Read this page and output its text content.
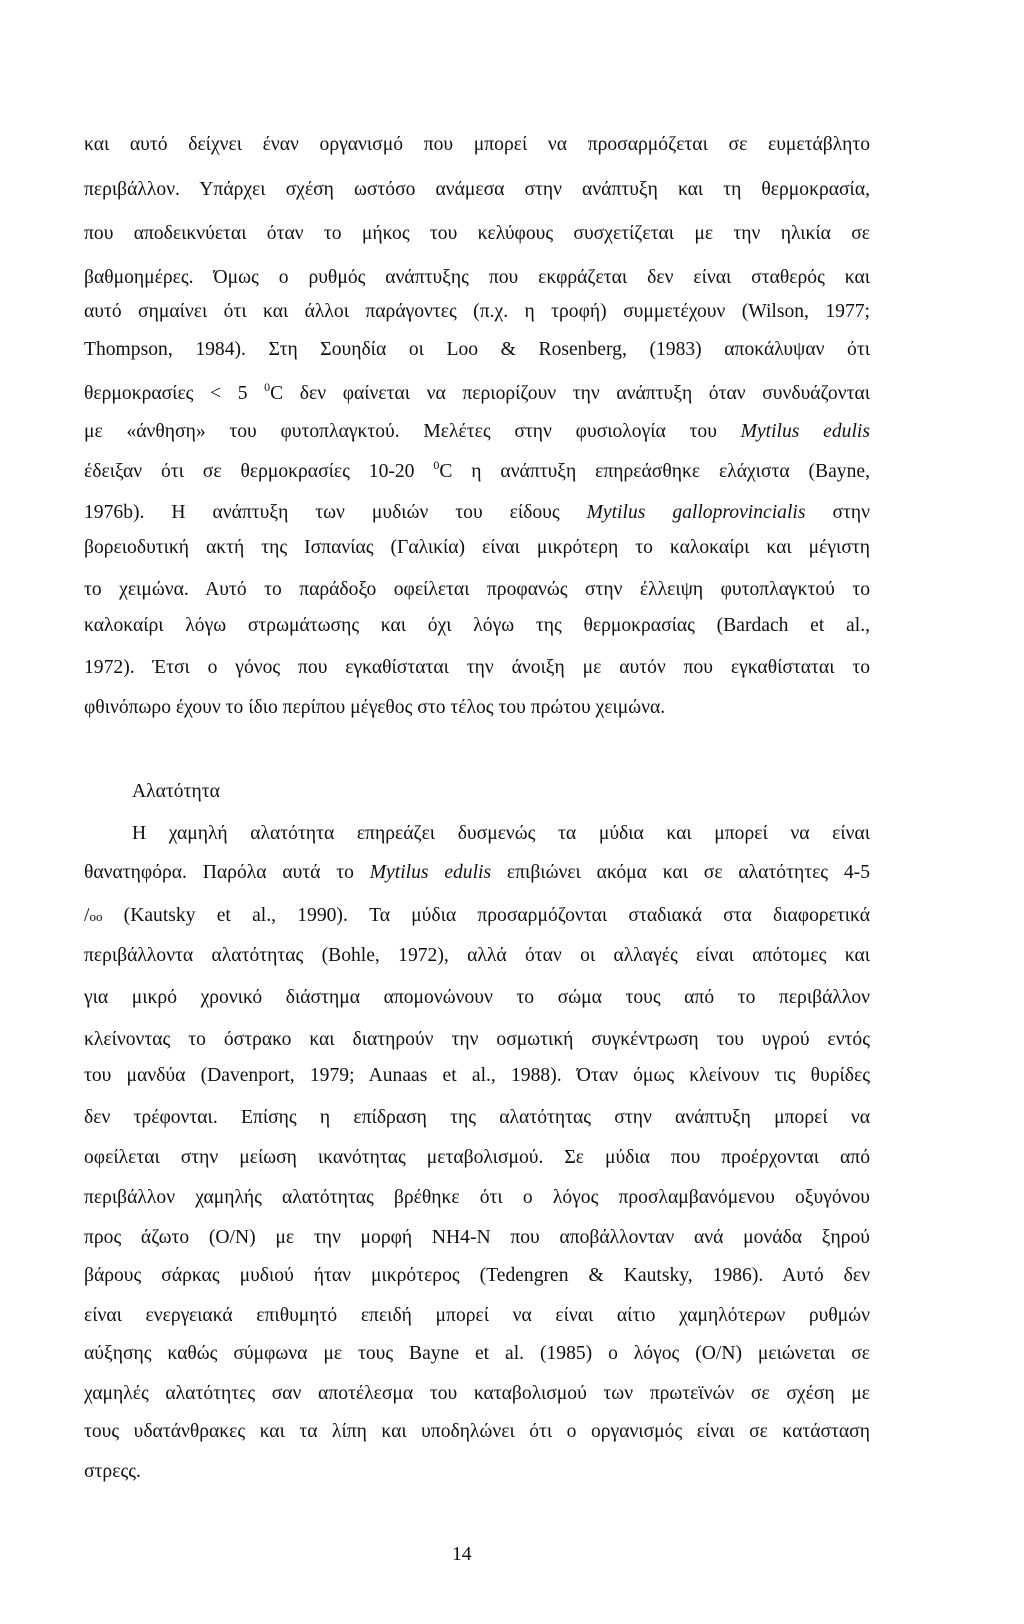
και αυτό δείχνει έναν οργανισμό που μπορεί να προσαρμόζεται σε ευμετάβλητο
περιβάλλον. Υπάρχει σχέση ωστόσο ανάμεσα στην ανάπτυξη και τη θερμοκρασία,
που αποδεικνύεται όταν το μήκος του κελύφους συσχετίζεται με την ηλικία σε
βαθμοημέρες. Όμως ο ρυθμός ανάπτυξης που εκφράζεται δεν είναι σταθερός και
αυτό σημαίνει ότι και άλλοι παράγοντες (π.χ. η τροφή) συμμετέχουν (Wilson, 1977;
Thompson, 1984). Στη Σουηδία οι Loo & Rosenberg, (1983) αποκάλυψαν ότι
θερμοκρασίες < 5 $^0$C δεν φαίνεται να περιορίζουν την ανάπτυξη όταν συνδυάζονται
με «άνθηση» του φυτοπλαγκτού. Μελέτες στην φυσιολογία του Mytilus edulis
έδειξαν ότι σε θερμοκρασίες 10-20 $^0$C η ανάπτυξη επηρεάσθηκε ελάχιστα (Bayne,
1976b). Η ανάπτυξη των μυδιών του είδους Mytilus galloprovincialis στην
βορειοδυτική ακτή της Ισπανίας (Γαλικία) είναι μικρότερη το καλοκαίρι και μέγιστη
το χειμώνα. Αυτό το παράδοξο οφείλεται προφανώς στην έλλειψη φυτοπλαγκτού το
καλοκαίρι λόγω στρωμάτωσης και όχι λόγω της θερμοκρασίας (Bardach et al.,
1972). Έτσι ο γόνος που εγκαθίσταται την άνοιξη με αυτόν που εγκαθίσταται το
φθινόπωρο έχουν το ίδιο περίπου μέγεθος στο τέλος του πρώτου χειμώνα.
Αλατότητα
Η χαμηλή αλατότητα επηρεάζει δυσμενώς τα μύδια και μπορεί να είναι
θανατηφόρα. Παρόλα αυτά το Mytilus edulis επιβιώνει ακόμα και σε αλατότητες 4-5
/oo (Kautsky et al., 1990). Τα μύδια προσαρμόζονται σταδιακά στα διαφορετικά
περιβάλλοντα αλατότητας (Bohle, 1972), αλλά όταν οι αλλαγές είναι απότομες και
για μικρό χρονικό διάστημα απομονώνουν το σώμα τους από το περιβάλλον
κλείνοντας το όστρακο και διατηρούν την οσμωτική συγκέντρωση του υγρού εντός
του μανδύα (Davenport, 1979; Aunaas et al., 1988). Όταν όμως κλείνουν τις θυρίδες
δεν τρέφονται. Επίσης η επίδραση της αλατότητας στην ανάπτυξη μπορεί να
οφείλεται στην μείωση ικανότητας μεταβολισμού. Σε μύδια που προέρχονται από
περιβάλλον χαμηλής αλατότητας βρέθηκε ότι ο λόγος προσλαμβανόμενου οξυγόνου
προς άζωτο (O/N) με την μορφή NH4-N που αποβάλλονταν ανά μονάδα ξηρού
βάρους σάρκας μυδιού ήταν μικρότερος (Tedengren & Kautsky, 1986). Αυτό δεν
είναι ενεργειακά επιθυμητό επειδή μπορεί να είναι αίτιο χαμηλότερων ρυθμών
αύξησης καθώς σύμφωνα με τους Bayne et al. (1985) ο λόγος (O/N) μειώνεται σε
χαμηλές αλατότητες σαν αποτέλεσμα του καταβολισμού των πρωτεϊνών σε σχέση με
τους υδατάνθρακες και τα λίπη και υποδηλώνει ότι ο οργανισμός είναι σε κατάσταση
στρεςς.
14
